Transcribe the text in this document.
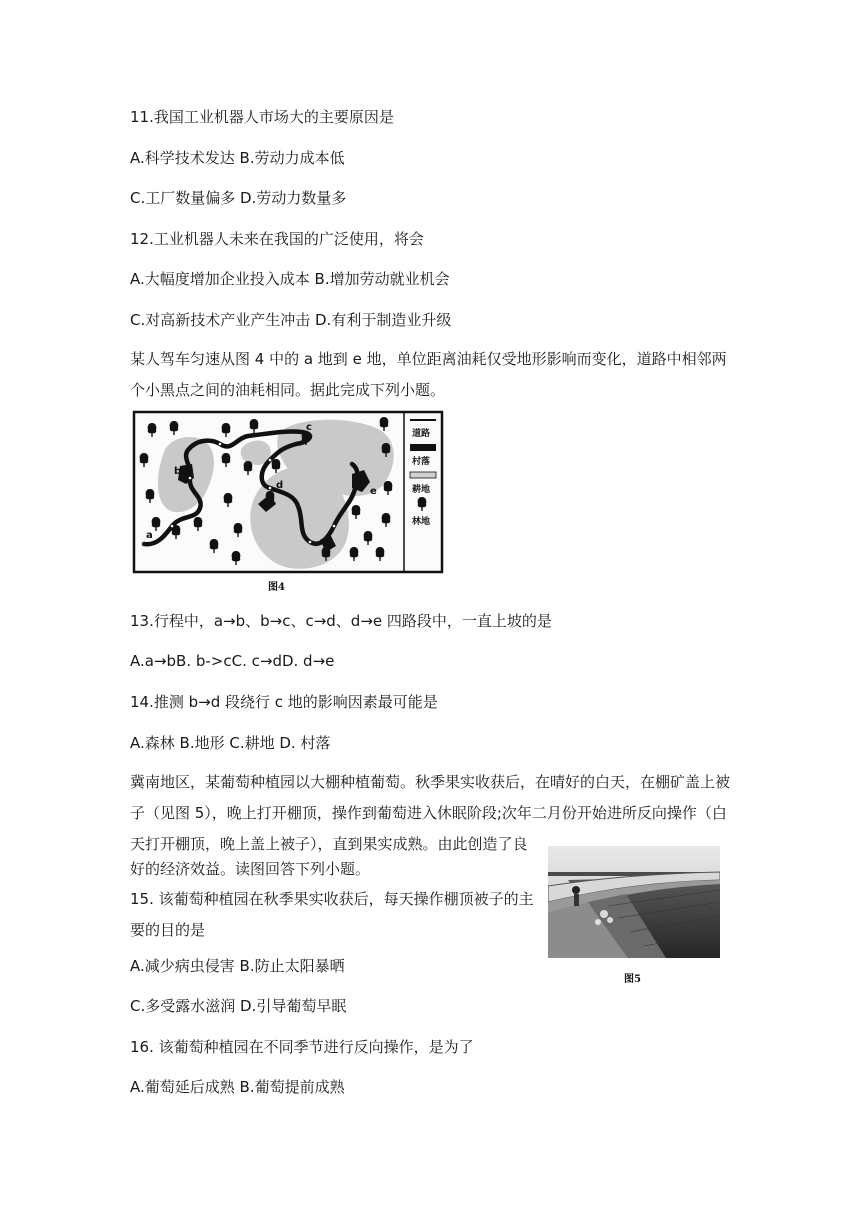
11.我国工业机器人市场大的主要原因是
A.科学技术发达 B.劳动力成本低
C.工厂数量偏多 D.劳动力数量多
12.工业机器人未来在我国的广泛使用，将会
A.大幅度增加企业投入成本 B.增加劳动就业机会
C.对高新技术产业产生冲击 D.有利于制造业升级
某人驾车匀速从图 4 中的 a 地到 e 地，单位距离油耗仅受地形影响而变化，道路中相邻两
个小黑点之间的油耗相同。据此完成下列小题。
a
b
c
d
e
道路
村落
耕地
林地
图4
13.行程中，a→b、b→c、c→d、d→e 四路段中，一直上坡的是
A.a→bB. b->cC. c→dD. d→e
14.推测 b→d 段绕行 c 地的影响因素最可能是
A.森林 B.地形 C.耕地 D. 村落
冀南地区，某葡萄种植园以大棚种植葡萄。秋季果实收获后，在晴好的白天，在棚矿盖上被
子（见图 5），晚上打开棚顶，操作到葡萄进入休眠阶段;次年二月份开始进所反向操作（白
天打开棚顶，晚上盖上被子），直到果实成熟。由此创造了良
好的经济效益。读图回答下列小题。
15. 该葡萄种植园在秋季果实收获后，每天操作棚顶被子的主
要的目的是
A.减少病虫侵害 B.防止太阳暴晒
C.多受露水滋润 D.引导葡萄早眠
16. 该葡萄种植园在不同季节进行反向操作，是为了
A.葡萄延后成熟 B.葡萄提前成熟
图5
